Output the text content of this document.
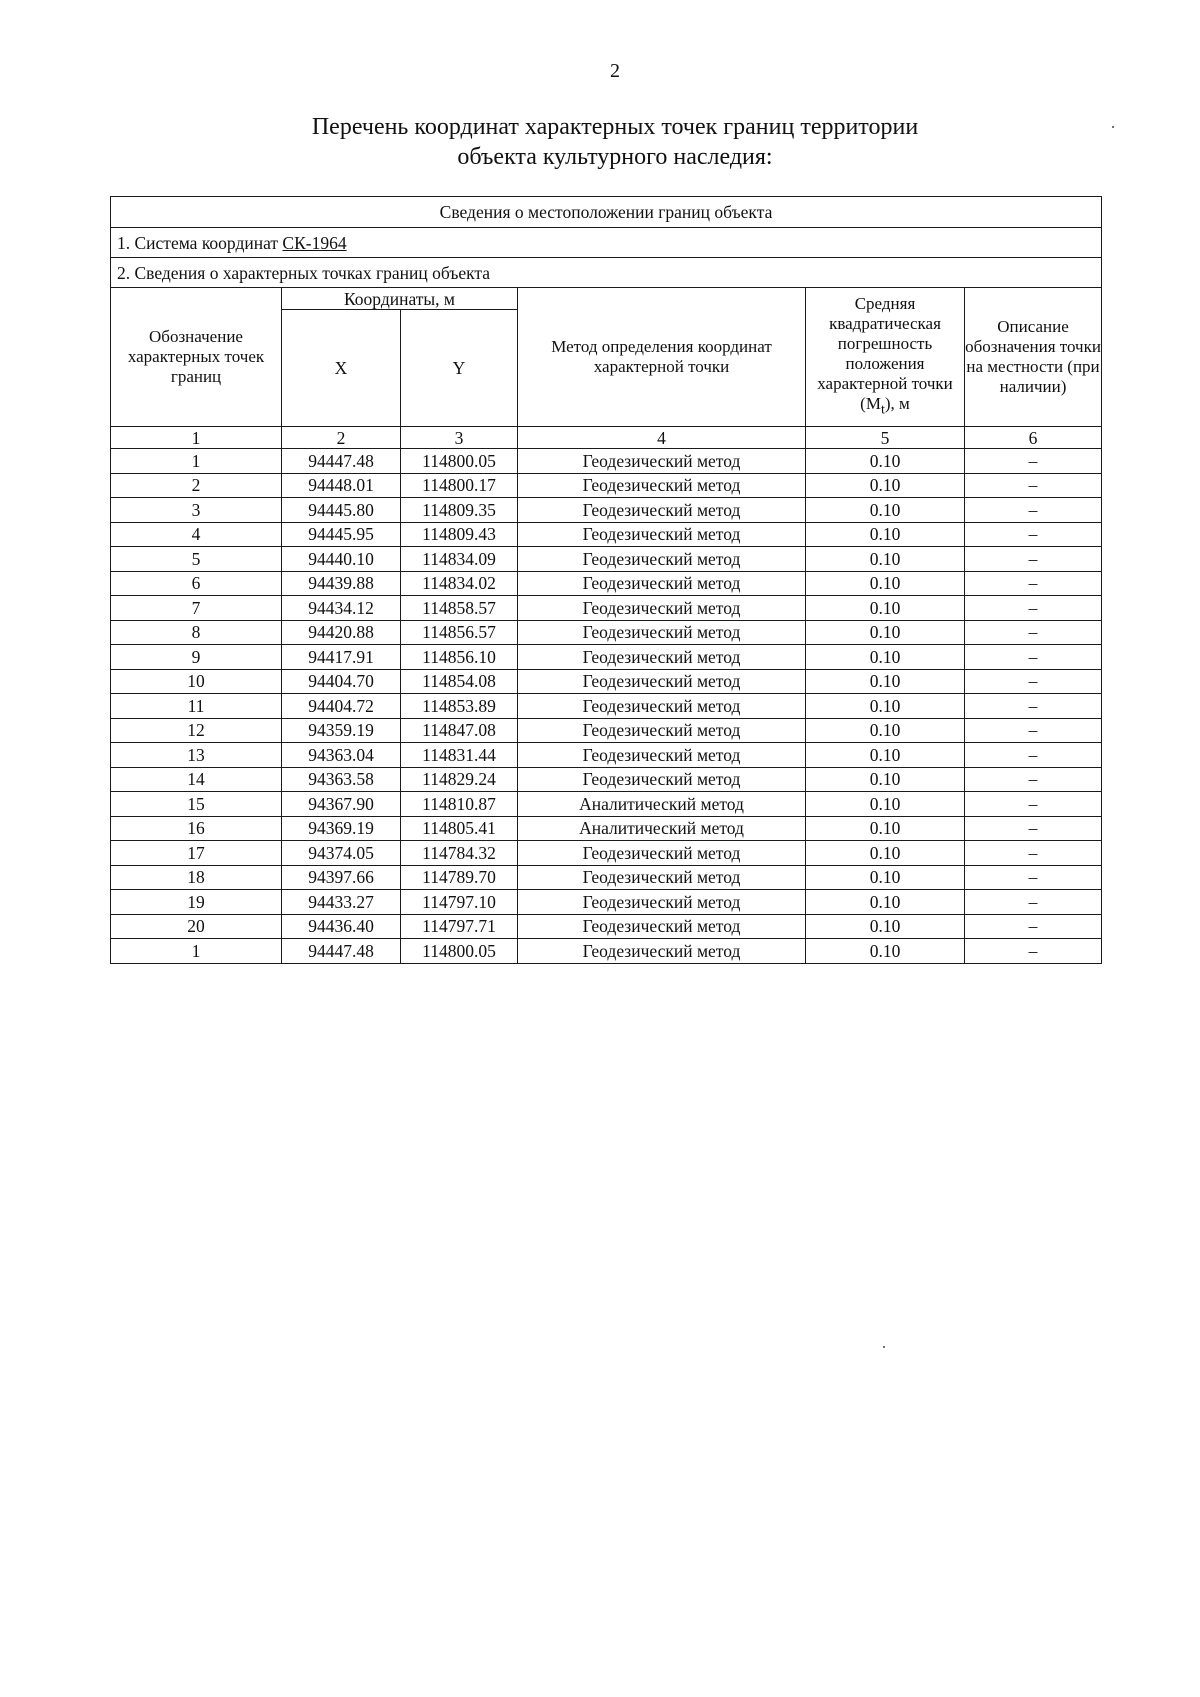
2
Перечень координат характерных точек границ территории
объекта культурного наследия:
Сведения о местоположении границ объекта					
1. Система координат СК-1964					
2. Сведения о характерных точках границ объекта					
Обозначение характерных точек границ	Координаты, м		Метод определения координат характерной точки	Средняя квадратическая погрешность положения характерной точки $(M_t)$, м	Описание обозначения точки на местности (при наличии)
	X	Y			
1	2	3	4	5	6
1	94447.48	114800.05	Геодезический метод	0.10	–
2	94448.01	114800.17	Геодезический метод	0.10	–
3	94445.80	114809.35	Геодезический метод	0.10	–
4	94445.95	114809.43	Геодезический метод	0.10	–
5	94440.10	114834.09	Геодезический метод	0.10	–
6	94439.88	114834.02	Геодезический метод	0.10	–
7	94434.12	114858.57	Геодезический метод	0.10	–
8	94420.88	114856.57	Геодезический метод	0.10	–
9	94417.91	114856.10	Геодезический метод	0.10	–
10	94404.70	114854.08	Геодезический метод	0.10	–
11	94404.72	114853.89	Геодезический метод	0.10	–
12	94359.19	114847.08	Геодезический метод	0.10	–
13	94363.04	114831.44	Геодезический метод	0.10	–
14	94363.58	114829.24	Геодезический метод	0.10	–
15	94367.90	114810.87	Аналитический метод	0.10	–
16	94369.19	114805.41	Аналитический метод	0.10	–
17	94374.05	114784.32	Геодезический метод	0.10	–
18	94397.66	114789.70	Геодезический метод	0.10	–
19	94433.27	114797.10	Геодезический метод	0.10	–
20	94436.40	114797.71	Геодезический метод	0.10	–
1	94447.48	114800.05	Геодезический метод	0.10	–
